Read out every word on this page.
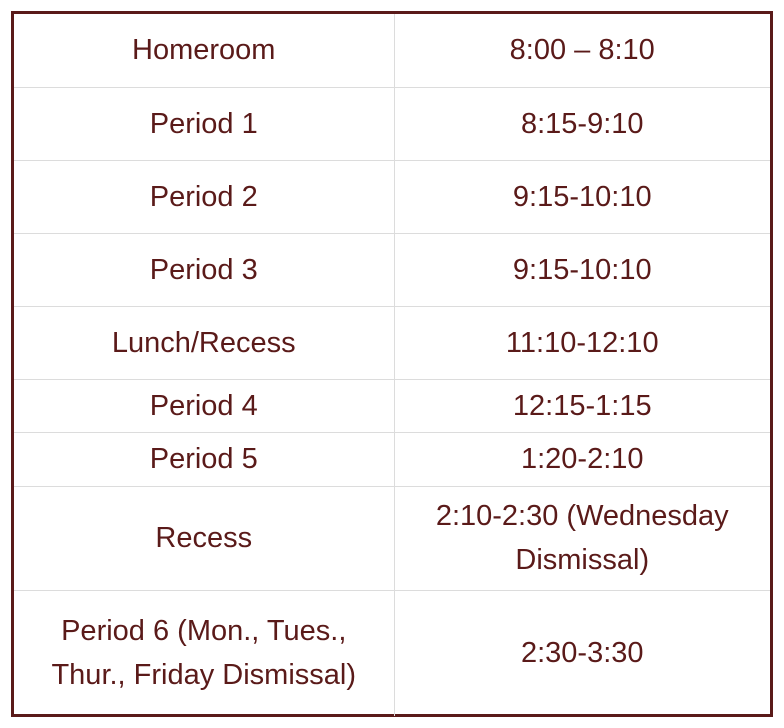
Homeroom	8:00 – 8:10
Period 1	8:15-9:10
Period 2	9:15-10:10
Period 3	9:15-10:10
Lunch/Recess	11:10-12:10
Period 4	12:15-1:15
Period 5	1:20-2:10
Recess	2:10-2:30 (Wednesday Dismissal)
Period 6 (Mon., Tues., Thur., Friday Dismissal)	2:30-3:30
